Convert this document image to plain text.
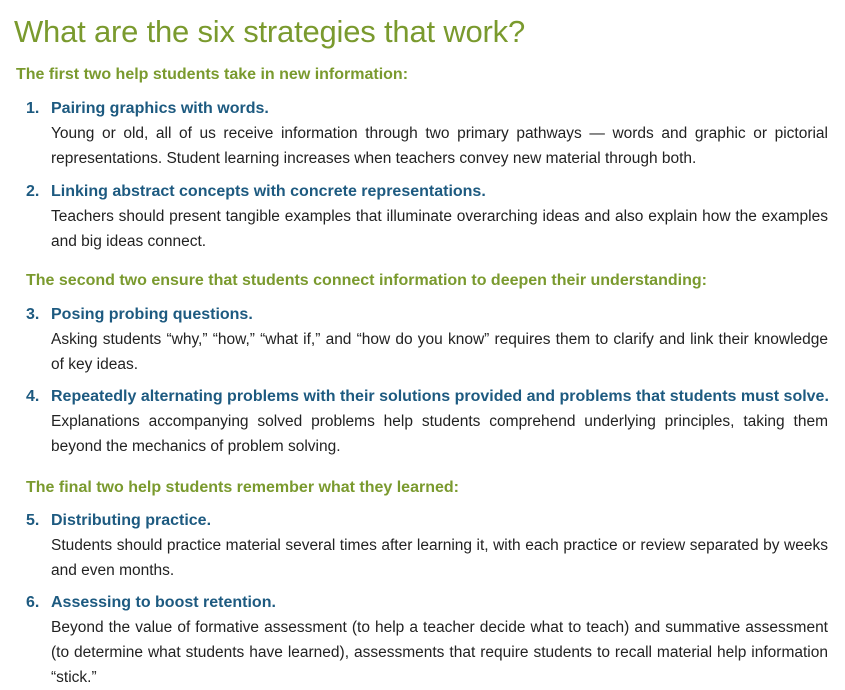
What are the six strategies that work?
The first two help students take in new information:
1. Pairing graphics with words.
Young or old, all of us receive information through two primary pathways — words and graphic or pictorial representations. Student learning increases when teachers convey new material through both.
2. Linking abstract concepts with concrete representations.
Teachers should present tangible examples that illuminate overarching ideas and also explain how the examples and big ideas connect.
The second two ensure that students connect information to deepen their understanding:
3. Posing probing questions.
Asking students “why,” “how,” “what if,” and “how do you know” requires them to clarify and link their knowledge of key ideas.
4. Repeatedly alternating problems with their solutions provided and problems that students must solve.
Explanations accompanying solved problems help students comprehend underlying principles, taking them beyond the mechanics of problem solving.
The final two help students remember what they learned:
5. Distributing practice.
Students should practice material several times after learning it, with each practice or review separated by weeks and even months.
6. Assessing to boost retention.
Beyond the value of formative assessment (to help a teacher decide what to teach) and summative assessment (to determine what students have learned), assessments that require students to recall material help information “stick.”
